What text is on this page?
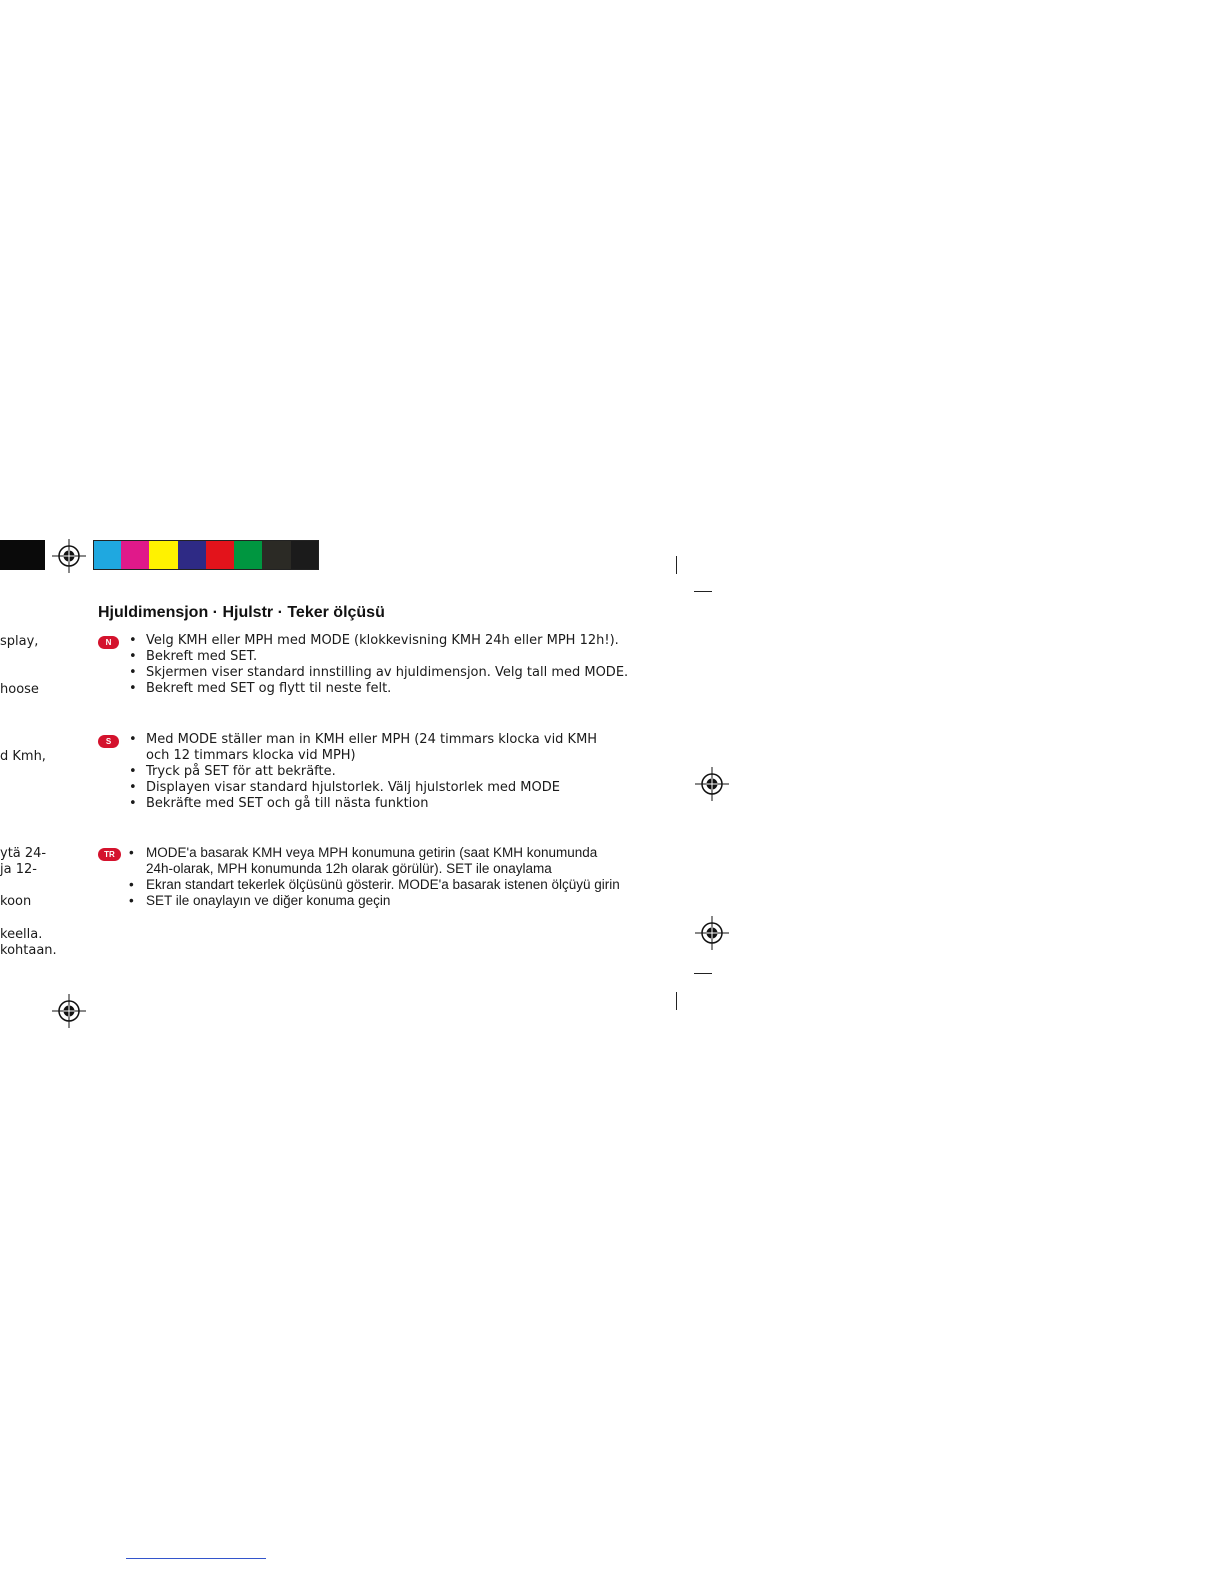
splay,
hoose
d Kmh,
ytä 24-
ja 12-
koon
keella.
kohtaan.
Hjuldimensjon · Hjulstr · Teker ölçüsü
N	• Velg KMH eller MPH med MODE (klokkevisning KMH 24h eller MPH 12h!).
• Bekreft med SET.
• Skjermen viser standard innstilling av hjuldimensjon. Velg tall med MODE.
• Bekreft med SET og flytt til neste felt.
S	• Med MODE ställer man in KMH eller MPH (24 timmars klocka vid KMH
och 12 timmars klocka vid MPH)
• Tryck på SET för att bekräfte.
• Displayen visar standard hjulstorlek. Välj hjulstorlek med MODE
• Bekräfte med SET och gå till nästa funktion
TR	• MODE'a basarak KMH veya MPH konumuna getirin (saat KMH konumunda
24h-olarak, MPH konumunda 12h olarak görülür). SET ile onaylama
• Ekran standart tekerlek ölçüsünü gösterir. MODE'a basarak istenen ölçüyü girin
• SET ile onaylayın ve diğer konuma geçin
